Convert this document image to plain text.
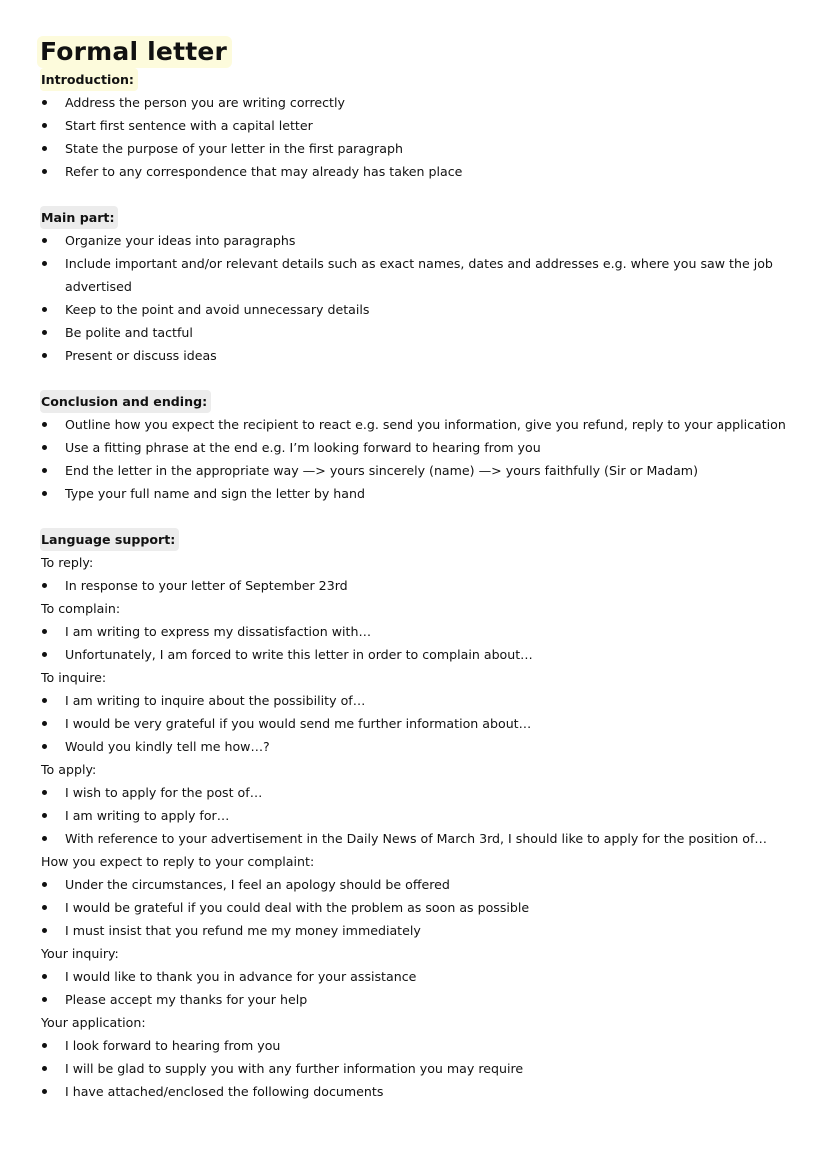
Formal letter
Introduction:
Address the person you are writing correctly
Start first sentence with a capital letter
State the purpose of your letter in the first paragraph
Refer to any correspondence that may already has taken place
Main part:
Organize your ideas into paragraphs
Include important and/or relevant details such as exact names, dates and addresses e.g. where you saw the job advertised
Keep to the point and avoid unnecessary details
Be polite and tactful
Present or discuss ideas
Conclusion and ending:
Outline how you expect the recipient to react e.g. send you information, give you refund, reply to your application
Use a fitting phrase at the end e.g. I’m looking forward to hearing from you
End the letter in the appropriate way —> yours sincerely (name) —> yours faithfully (Sir or Madam)
Type your full name and sign the letter by hand
Language support:
To reply:
In response to your letter of September 23rd
To complain:
I am writing to express my dissatisfaction with…
Unfortunately, I am forced to write this letter in order to complain about…
To inquire:
I am writing to inquire about the possibility of…
I would be very grateful if you would send me further information about…
Would you kindly tell me how…?
To apply:
I wish to apply for the post of…
I am writing to apply for…
With reference to your advertisement in the Daily News of March 3rd, I should like to apply for the position of…
How you expect to reply to your complaint:
Under the circumstances, I feel an apology should be offered
I would be grateful if you could deal with the problem as soon as possible
I must insist that you refund me my money immediately
Your inquiry:
I would like to thank you in advance for your assistance
Please accept my thanks for your help
Your application:
I look forward to hearing from you
I will be glad to supply you with any further information you may require
I have attached/enclosed the following documents
